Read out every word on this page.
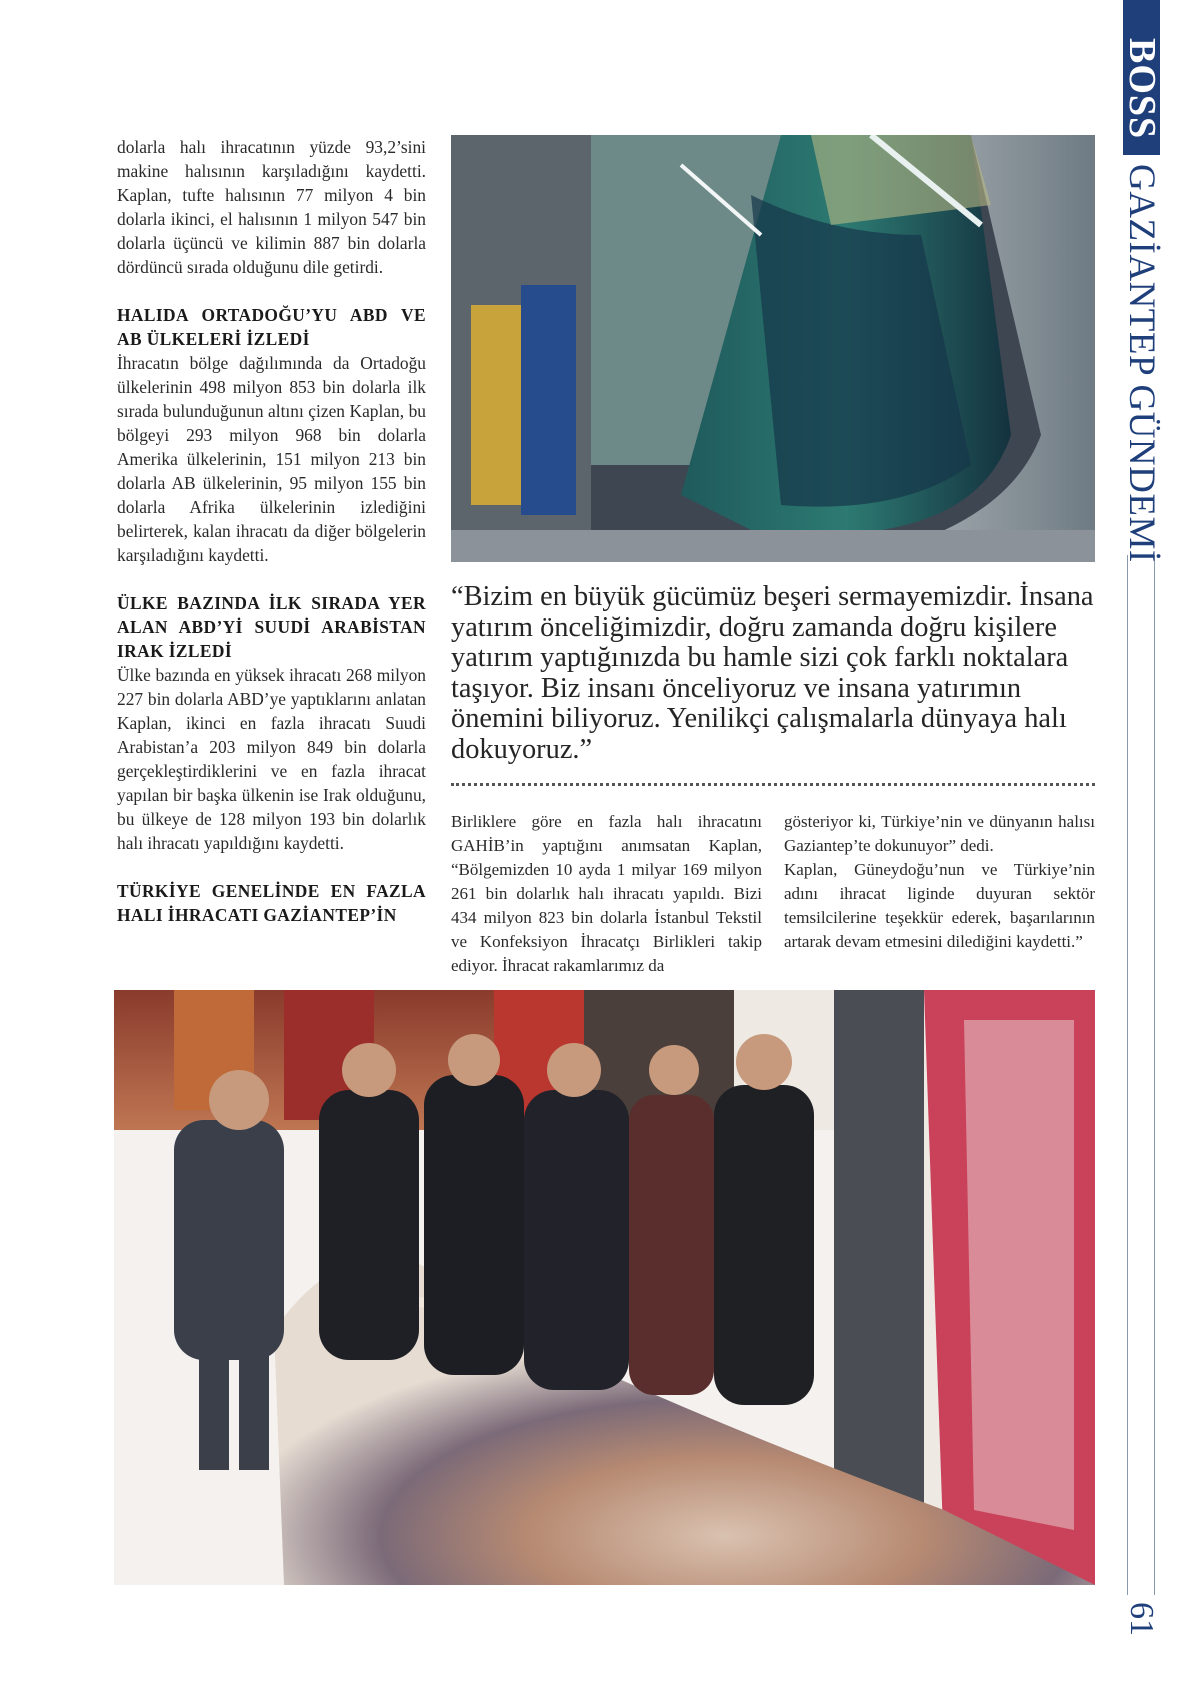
dolarla halı ihracatının yüzde 93,2’sini makine halısının karşıladığını kaydetti. Kaplan, tufte halısının 77 milyon 4 bin dolarla ikinci, el halısının 1 milyon 547 bin dolarla üçüncü ve kilimin 887 bin dolarla dördüncü sırada olduğunu dile getirdi.

HALIDA ORTADOĞU’YU ABD VE AB ÜLKELERİ İZLEDİ

İhracatın bölge dağılımında da Ortadoğu ülkelerinin 498 milyon 853 bin dolarla ilk sırada bulunduğunun altını çizen Kaplan, bu bölgeyi 293 milyon 968 bin dolarla Amerika ülkelerinin, 151 milyon 213 bin dolarla AB ülkelerinin, 95 milyon 155 bin dolarla Afrika ülkelerinin izlediğini belirterek, kalan ihracatı da diğer bölgelerin karşıladığını kaydetti.

ÜLKE BAZINDA İLK SIRADA YER ALAN ABD’Yİ SUUDİ ARABİSTAN IRAK İZLEDİ

Ülke bazında en yüksek ihracatı 268 milyon 227 bin dolarla ABD’ye yaptıklarını anlatan Kaplan, ikinci en fazla ihracatı Suudi Arabistan’a 203 milyon 849 bin dolarla gerçekleştirdiklerini ve en fazla ihracat yapılan bir başka ülkenin ise Irak olduğunu, bu ülkeye de 128 milyon 193 bin dolarlık halı ihracatı yapıldığını kaydetti.

TÜRKİYE GENELİNDE EN FAZLA HALI İHRACATI GAZİANTEP’İN
“Bizim en büyük gücümüz beşeri sermayemizdir. İnsana yatırım önceliğimizdir, doğru zamanda doğru kişilere yatırım yaptığınızda bu hamle sizi çok farklı noktalara taşıyor. Biz insanı önceliyoruz ve insana yatırımın önemini biliyoruz. Yenilikçi çalışmalarla dünyaya halı dokuyoruz.”

Birliklere göre en fazla halı ihracatını GAHİB’in yaptığını anımsatan Kaplan, “Bölgemizden 10 ayda 1 milyar 169 milyon 261 bin dolarlık halı ihracatı yapıldı. Bizi 434 milyon 823 bin dolarla İstanbul Tekstil ve Konfeksiyon İhracatçı Birlikleri takip ediyor. İhracat rakamlarımız da

gösteriyor ki, Türkiye’nin ve dünyanın halısı Gaziantep’te dokunuyor” dedi.

Kaplan, Güneydoğu’nun ve Türkiye’nin adını ihracat liginde duyuran sektör temsilcilerine teşekkür ederek, başarılarının artarak devam etmesini dilediğini kaydetti.”

BOSS
GAZİANTEP GÜNDEMİ
61
